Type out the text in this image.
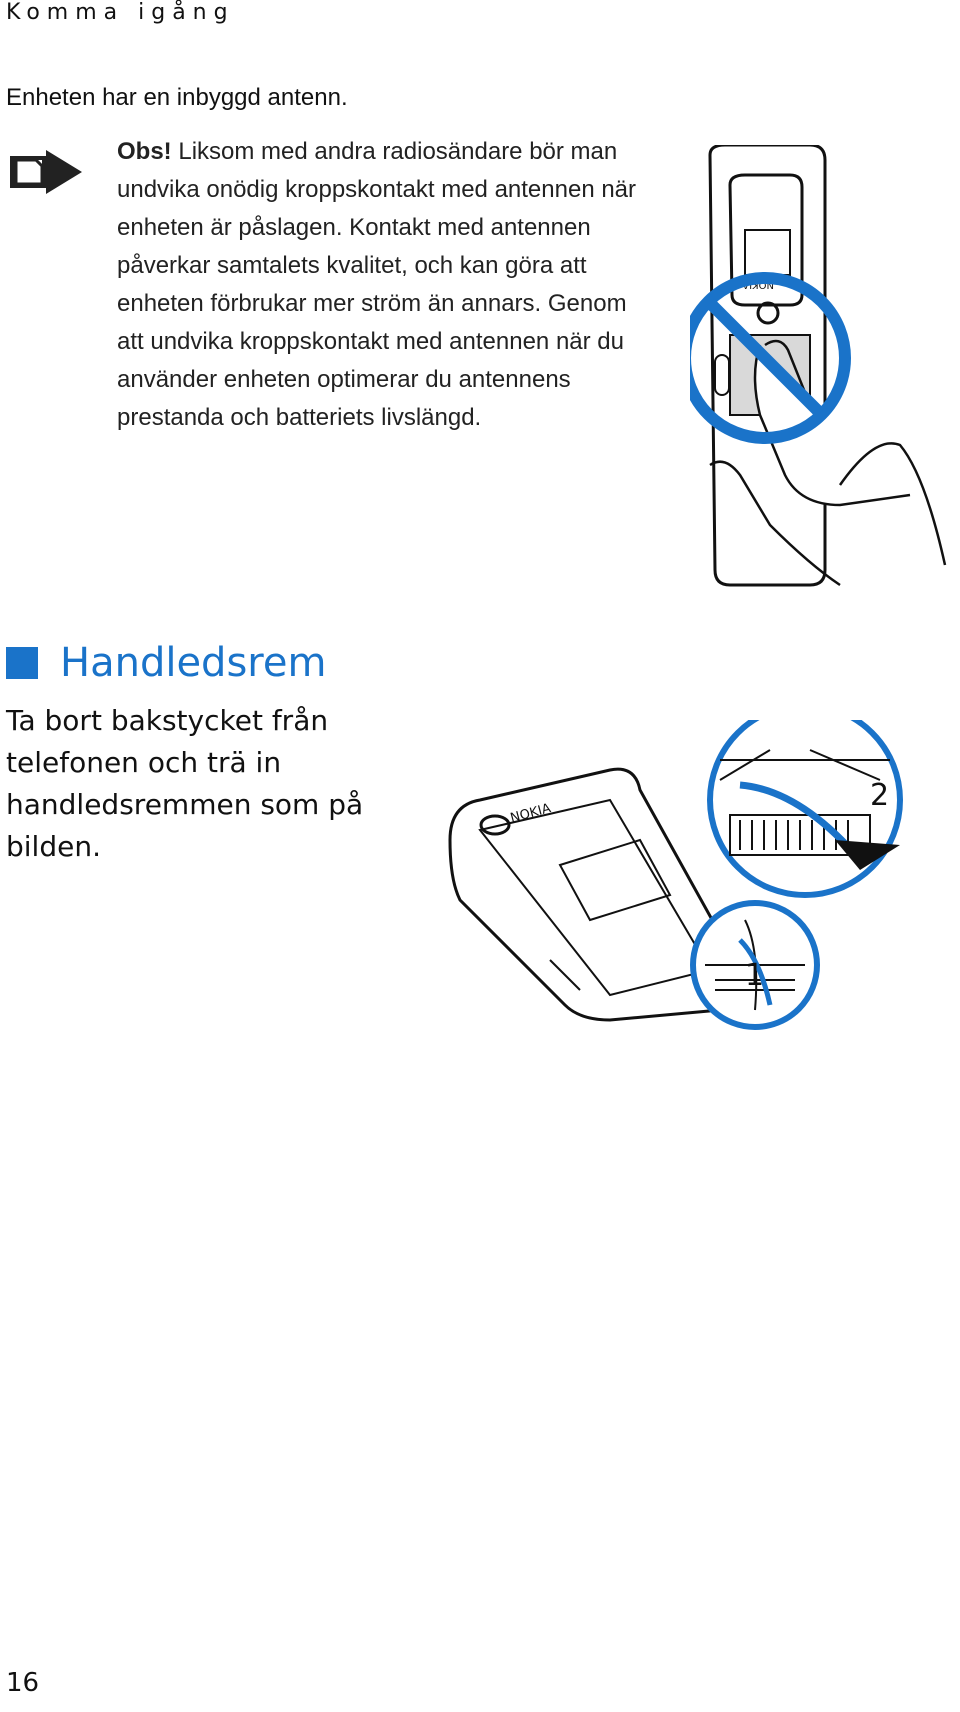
Komma igång
Enheten har en inbyggd antenn.
Obs! Liksom med andra radiosändare bör man undvika onödig kroppskontakt med antennen när enheten är påslagen. Kontakt med antennen påverkar samtalets kvalitet, och kan göra att enheten förbrukar mer ström än annars. Genom att undvika kroppskontakt med antennen när du använder enheten optimerar du antennens prestanda och batteriets livslängd.
NOKIA
Handledsrem
Ta bort bakstycket från telefonen och trä in handledsremmen som på bilden.
NOKIA
2
1
16
